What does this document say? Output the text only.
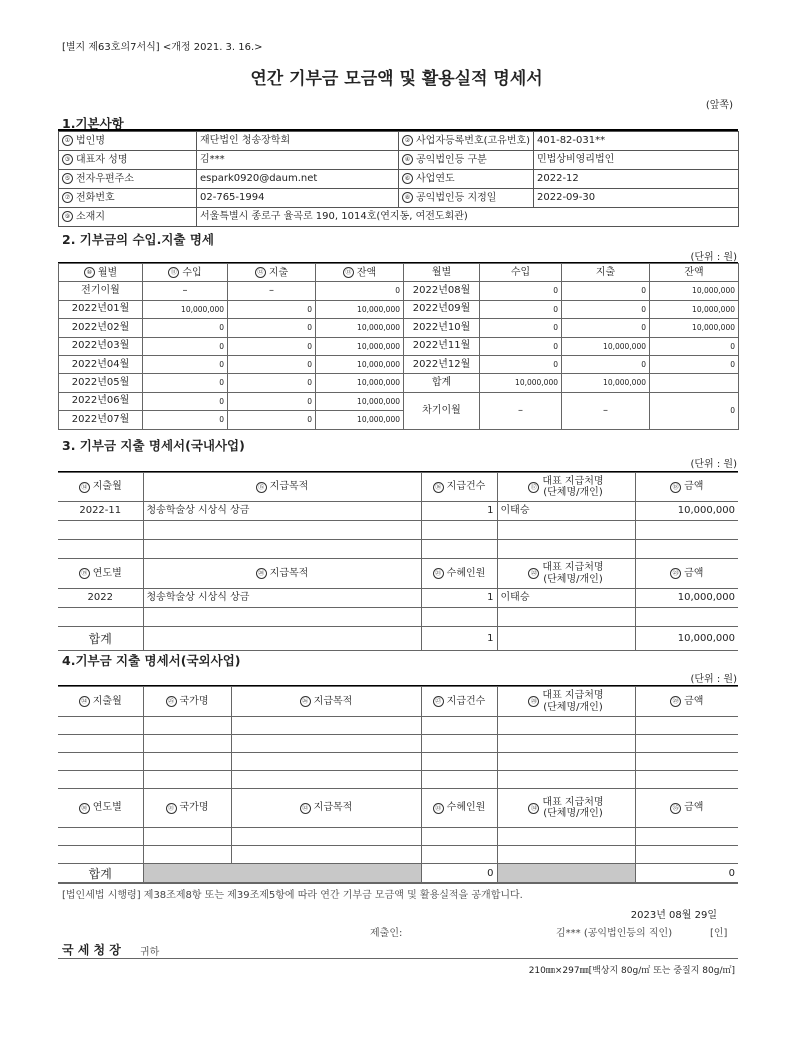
[별지 제63호의7서식] <개정 2021. 3. 16.>
연간 기부금 모금액 및 활용실적 명세서
(앞쪽)
1.기본사항
① 법인명	재단법인 청송장학회	② 사업자등록번호(고유번호)	401-82-031**
③ 대표자 성명	김***	④ 공익법인등 구분	민법상비영리법인
⑤ 전자우편주소	espark0920@daum.net	⑥ 사업연도	2022-12
⑦ 전화번호	02-765-1994	⑧ 공익법인등 지정일	2022-09-30
⑨ 소재지	서울특별시 종로구 율곡로 190, 1014호(연지동, 여전도회관)		
2. 기부금의 수입.지출 명세
(단위 : 원)
⑩ 월별	⑪ 수입	⑫ 지출	⑬ 잔액	월별	수입	지출	잔액
전기이월	–	–	0	2022년08월	0	0	10,000,000
2022년01월	10,000,000	0	10,000,000	2022년09월	0	0	10,000,000
2022년02월	0	0	10,000,000	2022년10월	0	0	10,000,000
2022년03월	0	0	10,000,000	2022년11월	0	10,000,000	0
2022년04월	0	0	10,000,000	2022년12월	0	0	0
2022년05월	0	0	10,000,000	합계	10,000,000	10,000,000	
2022년06월	0	0	10,000,000	차기이월	–	–	0
2022년07월	0	0	10,000,000				
3. 기부금 지출 명세서(국내사업)
(단위 : 원)
⑭ 지출월	⑮ 지급목적	⑯ 지급건수	⑰
대표 지급처명
(단체명/개인)	⑱ 금액

2022-11	청송학술상 시상식 상금	1	이태승	10,000,000

⑲ 연도별	⑳ 지급목적	㉑ 수혜인원	㉒
대표 지급처명
(단체명/개인)	㉓ 금액

2022	청송학술상 시상식 상금	1	이태승	10,000,000

합계		1		10,000,000
4.기부금 지출 명세서(국외사업)
(단위 : 원)
㉔ 지출월	㉕ 국가명	㉖ 지급목적	㉗ 지급건수	㉘
대표 지급처명
(단체명/개인)	㉙ 금액

㉚ 연도별	㉛ 국가명	㉜ 지급목적	㉝ 수혜인원	㉞
대표 지급처명
(단체명/개인)	㉟ 금액

합계			0		0
[법인세법 시행령] 제38조제8항 또는 제39조제5항에 따라 연간 기부금 모금액 및 활용실적을 공개합니다.
2023년 08월 29일
제출인:	김*** (공익법인등의 직인)	[인]
국 세 청 장 귀하
210㎜×297㎜[백상지 80g/㎡ 또는 중질지 80g/㎡]
